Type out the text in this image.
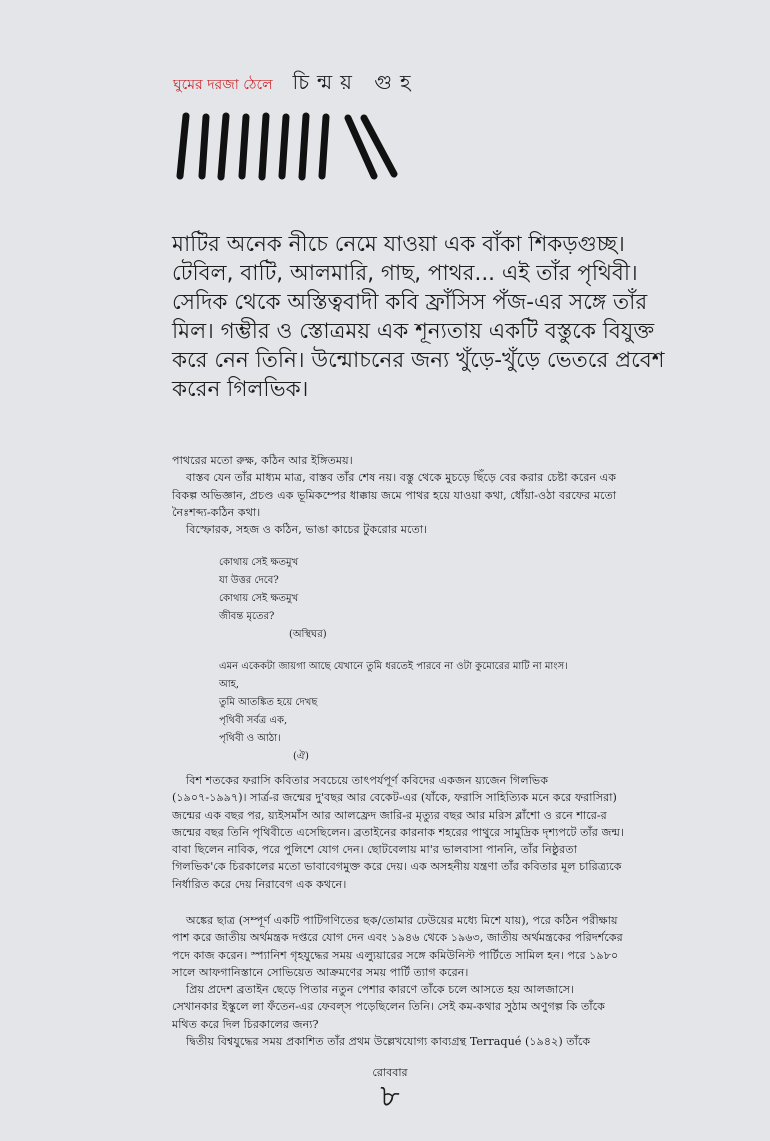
ঘুমের দরজা ঠেলে চিন্ময় গুহ

মাটির অনেক নীচে নেমে যাওয়া এক বাঁকা শিকড়গুচ্ছ। টেবিল, বাটি, আলমারি, গাছ, পাথর... এই তাঁর পৃথিবী। সেদিক থেকে অস্তিত্ববাদী কবি ফ্রাঁসিস পঁজ-এর সঙ্গে তাঁর মিল। গম্ভীর ও স্তোত্রময় এক শূন্যতায় একটি বস্তুকে বিযুক্ত করে নেন তিনি। উন্মোচনের জন্য খুঁড়ে-খুঁড়ে ভেতরে প্রবেশ করেন গিলভিক।

পাথরের মতো রুক্ষ, কঠিন আর ইঙ্গিতময়।

বাস্তব যেন তাঁর মাধ্যম মাত্র, বাস্তব তাঁর শেষ নয়। বস্তু থেকে মুচড়ে ছিঁড়ে বের করার চেষ্টা করেন এক বিকল্প অভিজ্ঞান, প্রচণ্ড এক ভূমিকম্পের ধাক্কায় জমে পাথর হয়ে যাওয়া কথা, ধোঁয়া-ওঠা বরফের মতো নৈঃশব্দ্য-কঠিন কথা।

বিস্ফোরক, সহজ ও কঠিন, ভাঙা কাচের টুকরোর মতো।

কোথায় সেই ক্ষতমুখ
যা উত্তর দেবে?
কোথায় সেই ক্ষতমুখ
জীবন্ত মৃতের?
(অস্থিঘর)
এমন একেকটা জায়গা আছে যেখানে তুমি ধরতেই পারবে না ওটা কুমোরের মাটি না মাংস।
আহ,
তুমি আতঙ্কিত হয়ে দেখছ
পৃথিবী সর্বত্র এক,
পৃথিবী ও আঠা।
(ঐ)

বিশ শতকের ফরাসি কবিতার সবচেয়ে তাৎপর্যপূর্ণ কবিদের একজন য়্যজেন গিলভিক (১৯০৭-১৯৯৭)। সার্ত্র-র জন্মের দু'বছর আর বেকেট-এর (যাঁকে, ফরাসি সাহিত্যিক মনে করে ফরাসিরা) জন্মের এক বছর পর, য়্যইসমাঁস আর আলফ্রেদ জারি-র মৃত্যুর বছর আর মরিস ব্লাঁশো ও রনে শারে-র জন্মের বছর তিনি পৃথিবীতে এসেছিলেন। ব্রতাইনের কারনাক শহরের পাথুরে সামুদ্রিক দৃশ্যপটে তাঁর জন্ম। বাবা ছিলেন নাবিক, পরে পুলিশে যোগ দেন। ছোটবেলায় মা'র ভালবাসা পাননি, তাঁর নিষ্ঠুরতা গিলভিক'কে চিরকালের মতো ভাবাবেগমুক্ত করে দেয়। এক অসহনীয় যন্ত্রণা তাঁর কবিতার মূল চারিত্র্যকে নির্ধারিত করে দেয় নিরাবেগ এক কথনে।

অঙ্কের ছাত্র (সম্পূর্ণ একটি পাটিগণিতের ছক/তোমার ঢেউয়ের মধ্যে মিশে যায়), পরে কঠিন পরীক্ষায় পাশ করে জাতীয় অর্থমন্ত্রক দপ্তরে যোগ দেন এবং ১৯৪৬ থেকে ১৯৬৩, জাতীয় অর্থমন্ত্রকের পরিদর্শকের পদে কাজ করেন। স্প্যানিশ গৃহযুদ্ধের সময় এল্যুয়ারের সঙ্গে কমিউনিস্ট পার্টিতে সামিল হন। পরে ১৯৮০ সালে আফগানিস্তানে সোভিয়েত আক্রমণের সময় পার্টি ত্যাগ করেন।

প্রিয় প্রদেশ ব্রতাইন ছেড়ে পিতার নতুন পেশার কারণে তাঁকে চলে আসতে হয় আলজাসে। সেখানকার ইস্কুলে লা ফঁতেন-এর ফেবল্‌স পড়েছিলেন তিনি। সেই কম-কথার সুঠাম অণুগল্প কি তাঁকে মথিত করে দিল চিরকালের জন্য?

দ্বিতীয় বিশ্বযুদ্ধের সময় প্রকাশিত তাঁর প্রথম উল্লেখযোগ্য কাব্যগ্রন্থ Terraqué (১৯৪২) তাঁকে

রোববার
৮
